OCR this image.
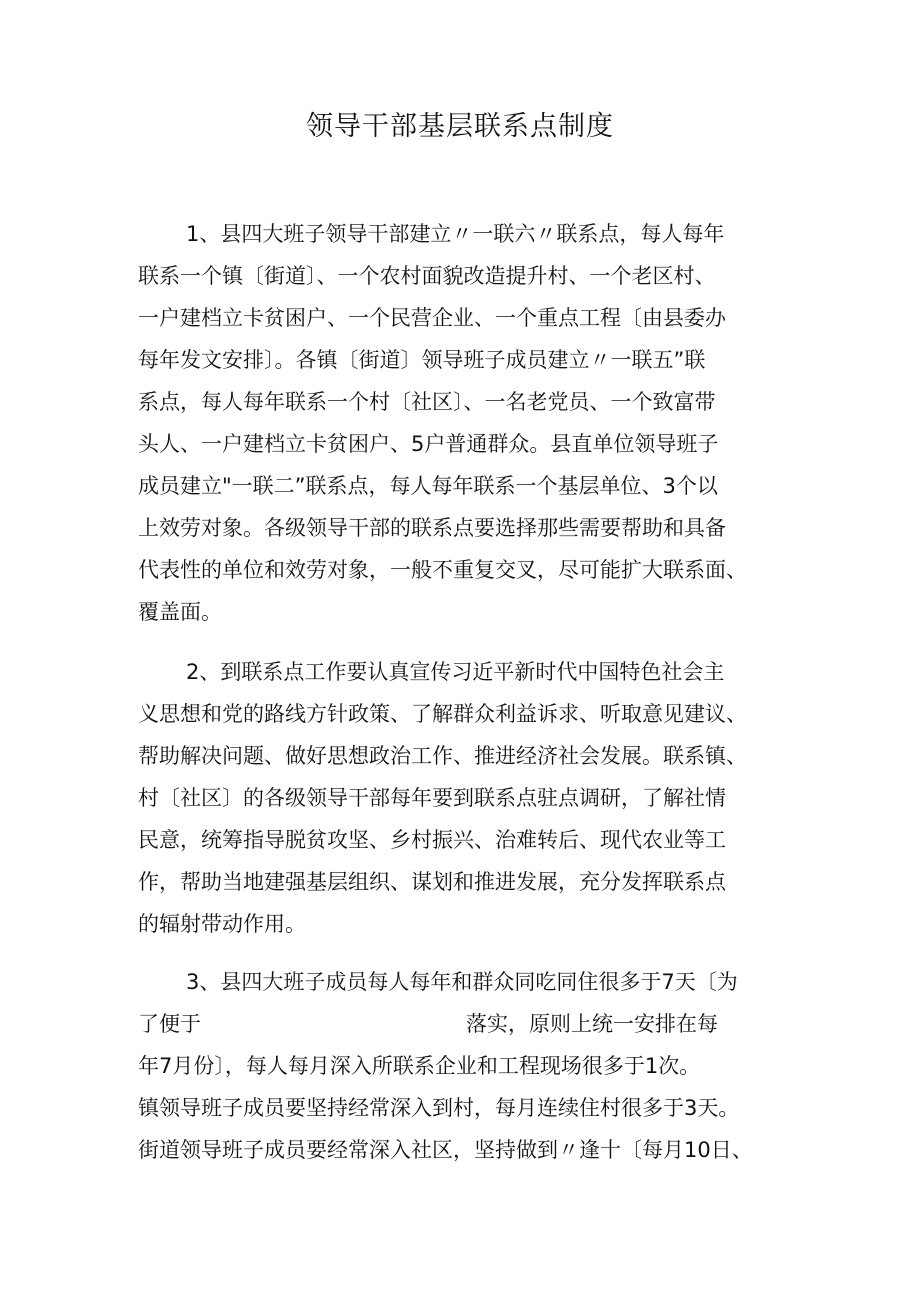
领导干部基层联系点制度

1、县四大班子领导干部建立〃一联六〃联系点，每人每年

联系一个镇〔街道〕、一个农村面貌改造提升村、一个老区村、

一户建档立卡贫困户、一个民营企业、一个重点工程〔由县委办

每年发文安排〕。各镇〔街道〕领导班子成员建立〃一联五”联

系点，每人每年联系一个村〔社区〕、一名老党员、一个致富带

头人、一户建档立卡贫困户、5户普通群众。县直单位领导班子

成员建立"一联二”联系点，每人每年联系一个基层单位、3个以

上效劳对象。各级领导干部的联系点要选择那些需要帮助和具备

代表性的单位和效劳对象，一般不重复交叉，尽可能扩大联系面、

覆盖面。

2、到联系点工作要认真宣传习近平新时代中国特色社会主

义思想和党的路线方针政策、了解群众利益诉求、听取意见建议、

帮助解决问题、做好思想政治工作、推进经济社会发展。联系镇、

村〔社区〕的各级领导干部每年要到联系点驻点调研，了解社情

民意，统筹指导脱贫攻坚、乡村振兴、治难转后、现代农业等工

作，帮助当地建强基层组织、谋划和推进发展，充分发挥联系点

的辐射带动作用。

3、县四大班子成员每人每年和群众同吃同住很多于7天〔为

了便于	落实，原则上统一安排在每

年7月份〕，每人每月深入所联系企业和工程现场很多于1次。

镇领导班子成员要坚持经常深入到村，每月连续住村很多于3天。

街道领导班子成员要经常深入社区，坚持做到〃逢十〔每月10日、
